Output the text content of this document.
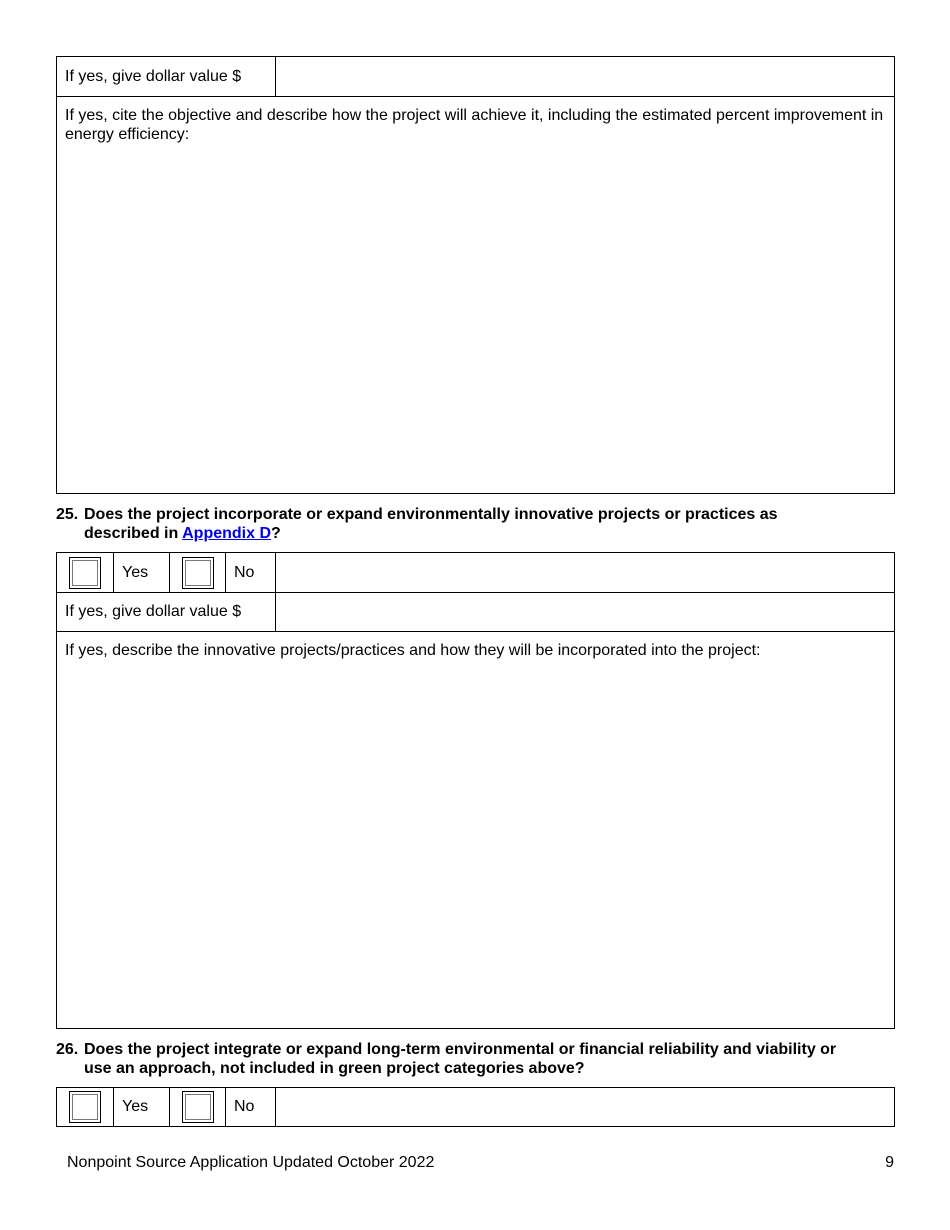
If yes, give dollar value $
If yes, cite the objective and describe how the project will achieve it, including the estimated percent improvement in energy efficiency:
25. Does the project incorporate or expand environmentally innovative projects or practices as
described in Appendix D?
Yes	No
If yes, give dollar value $
If yes, describe the innovative projects/practices and how they will be incorporated into the project:
26. Does the project integrate or expand long-term environmental or financial reliability and viability or
use an approach, not included in green project categories above?
Yes	No
Nonpoint Source Application Updated October 2022	9
